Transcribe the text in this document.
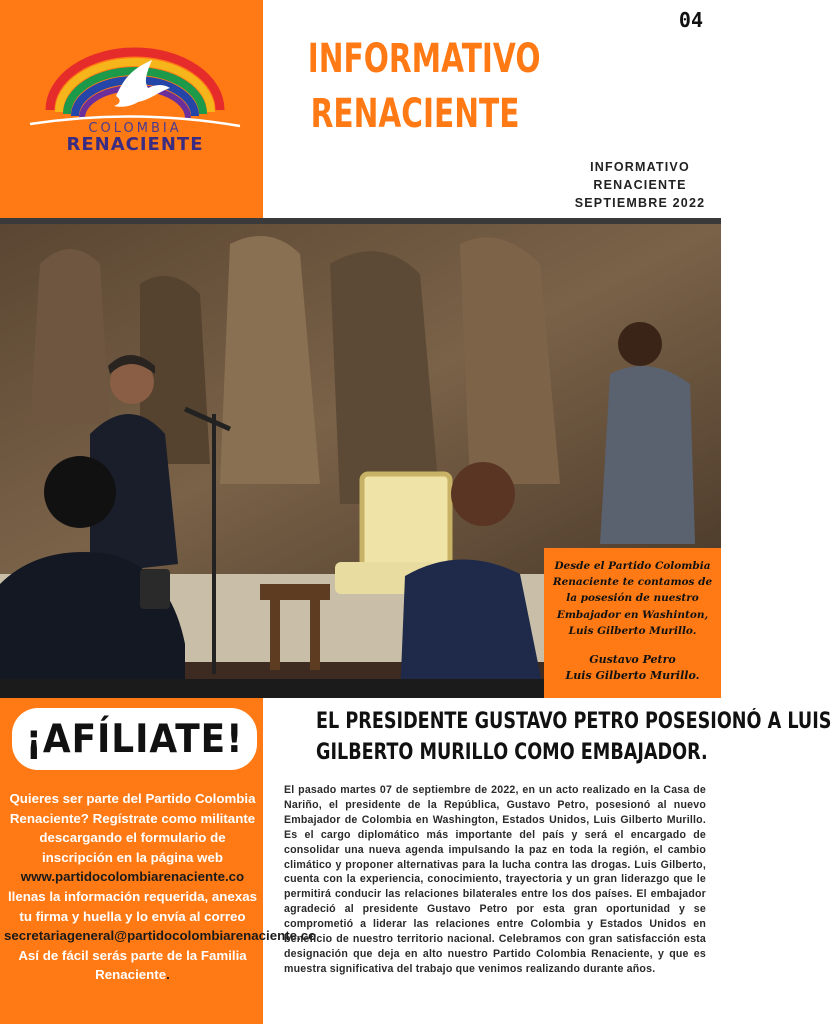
COLOMBIA
RENACIENTE
04
INFORMATIVO
RENACIENTE
INFORMATIVO
RENACIENTE
SEPTIEMBRE 2022
Desde el Partido Colombia Renaciente te contamos de la posesión de nuestro Embajador en Washinton, Luis Gilberto Murillo.
Gustavo Petro
Luis Gilberto Murillo.
¡AFÍLIATE!
Quieres ser parte del Partido Colombia Renaciente? Regístrate como militante descargando el formulario de inscripción en la página web www.partidocolombiarenaciente.co llenas la información requerida, anexas tu firma y huella y lo envía al correo secretariageneral@partidocolombiarenaciente.co Así de fácil serás parte de la Familia Renaciente.
EL PRESIDENTE GUSTAVO PETRO POSESIONÓ A LUIS
GILBERTO MURILLO COMO EMBAJADOR.
El pasado martes 07 de septiembre de 2022, en un acto realizado en la Casa de Nariño, el presidente de la República, Gustavo Petro, posesionó al nuevo Embajador de Colombia en Washington, Estados Unidos, Luis Gilberto Murillo. Es el cargo diplomático más importante del país y será el encargado de consolidar una nueva agenda impulsando la paz en toda la región, el cambio climático y proponer alternativas para la lucha contra las drogas. Luis Gilberto, cuenta con la experiencia, conocimiento, trayectoria y un gran liderazgo que le permitirá conducir las relaciones bilaterales entre los dos países. El embajador agradeció al presidente Gustavo Petro por esta gran oportunidad y se comprometió a liderar las relaciones entre Colombia y Estados Unidos en beneficio de nuestro territorio nacional. Celebramos con gran satisfacción esta designación que deja en alto nuestro Partido Colombia Renaciente, y que es muestra significativa del trabajo que venimos realizando durante años.
